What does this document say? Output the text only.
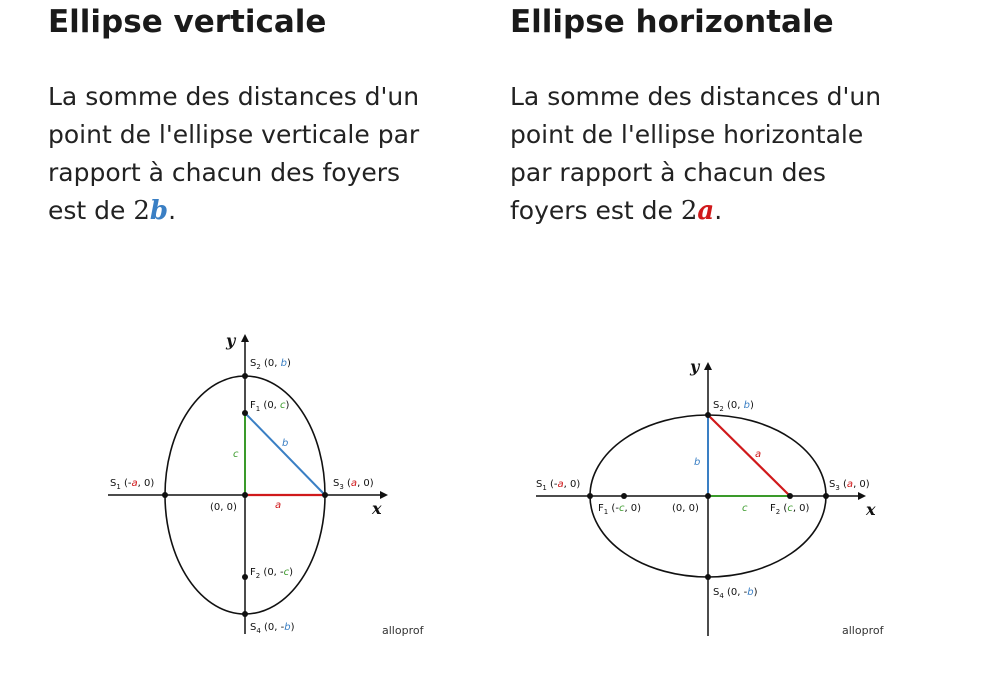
Ellipse verticale

La somme des distances d'un point de l'ellipse verticale par rapport à chacun des foyers est de 2b.

Ellipse horizontale

La somme des distances d'un point de l'ellipse horizontale par rapport à chacun des foyers est de 2a.

y
x
$S_2$ (0, b)
$F_1$ (0, c)
$S_1$ (-a, 0)	$S_3$ (a, 0)
(0, 0)
$F_2$ (0, -c)
$S_4$ (0, -b)
a
b
c
alloprof
y
x
$S_2$ (0, b)
$S_1$ (-a, 0)	$S_3$ (a, 0)
$F_1$ (-c, 0)	(0, 0)	$F_2$ (c, 0)
$S_4$ (0, -b)
a
b
c
alloprof
